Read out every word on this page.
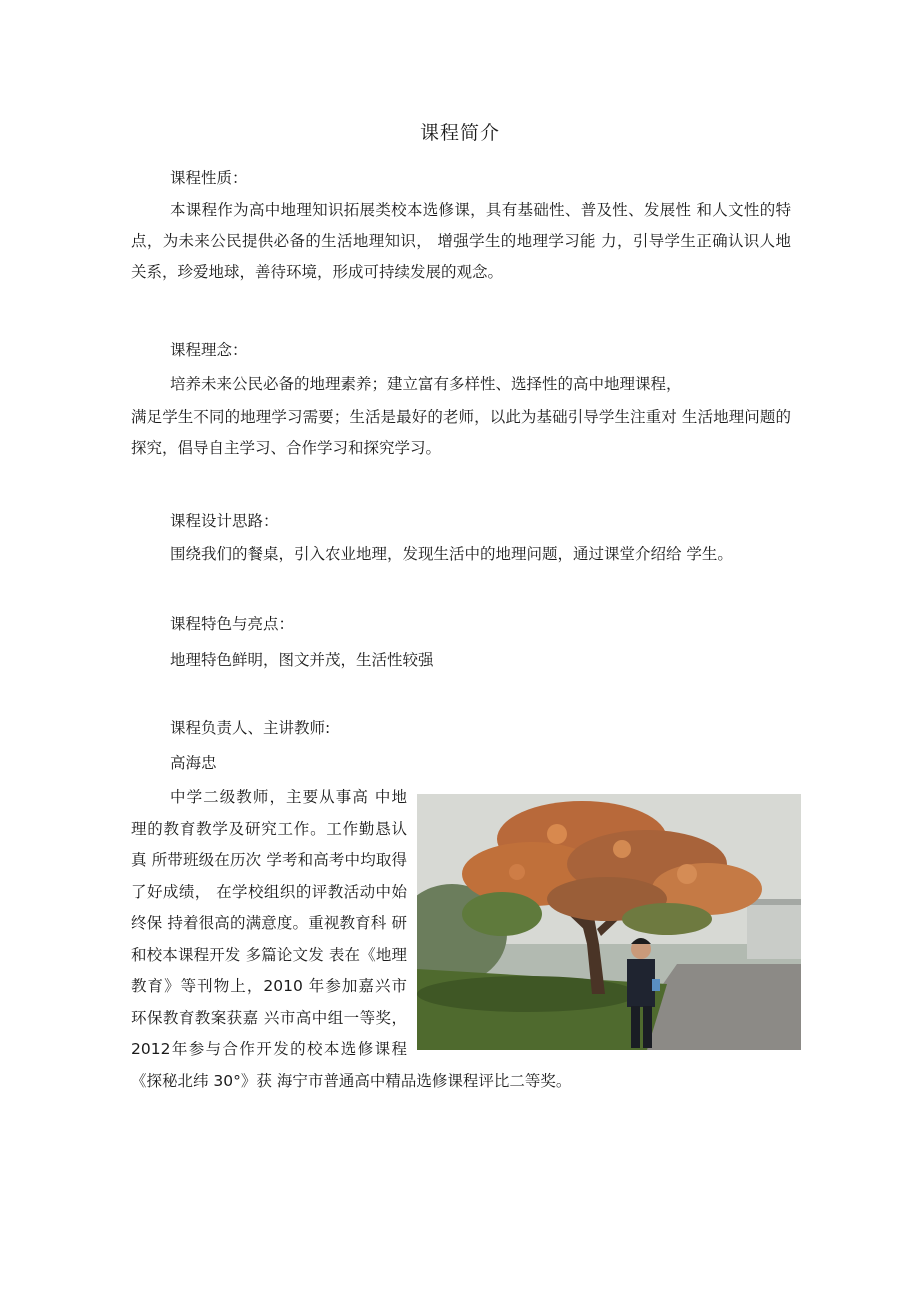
课程简介
课程性质：

本课程作为高中地理知识拓展类校本选修课，具有基础性、普及性、发展性 和人文性的特点，为未来公民提供必备的生活地理知识， 增强学生的地理学习能 力，引导学生正确认识人地关系，珍爱地球，善待环境，形成可持续发展的观念。

课程理念：
培养未来公民必备的地理素养；建立富有多样性、选择性的高中地理课程，

满足学生不同的地理学习需要；生活是最好的老师，以此为基础引导学生注重对 生活地理问题的探究，倡导自主学习、合作学习和探究学习。

课程设计思路：
围绕我们的餐桌，引入农业地理，发现生活中的地理问题，通过课堂介绍给 学生。
课程特色与亮点：
地理特色鲜明，图文并茂，生活性较强
课程负责人、主讲教师:
高海忠

中学二级教师，主要从事高 中地理的教育教学及研究工作。工作勤恳认真 所带班级在历次 学考和高考中均取得了好成绩， 在学校组织的评教活动中始终保 持着很高的满意度。重视教育科 研和校本课程开发 多篇论文发 表在《地理教育》等刊物上，2010 年参加嘉兴市环保教育教案获嘉 兴市高中组一等奖，2012年参与合作开发的校本选修课程《探秘北纬 30°》获 海宁市普通高中精品选修课程评比二等奖。
